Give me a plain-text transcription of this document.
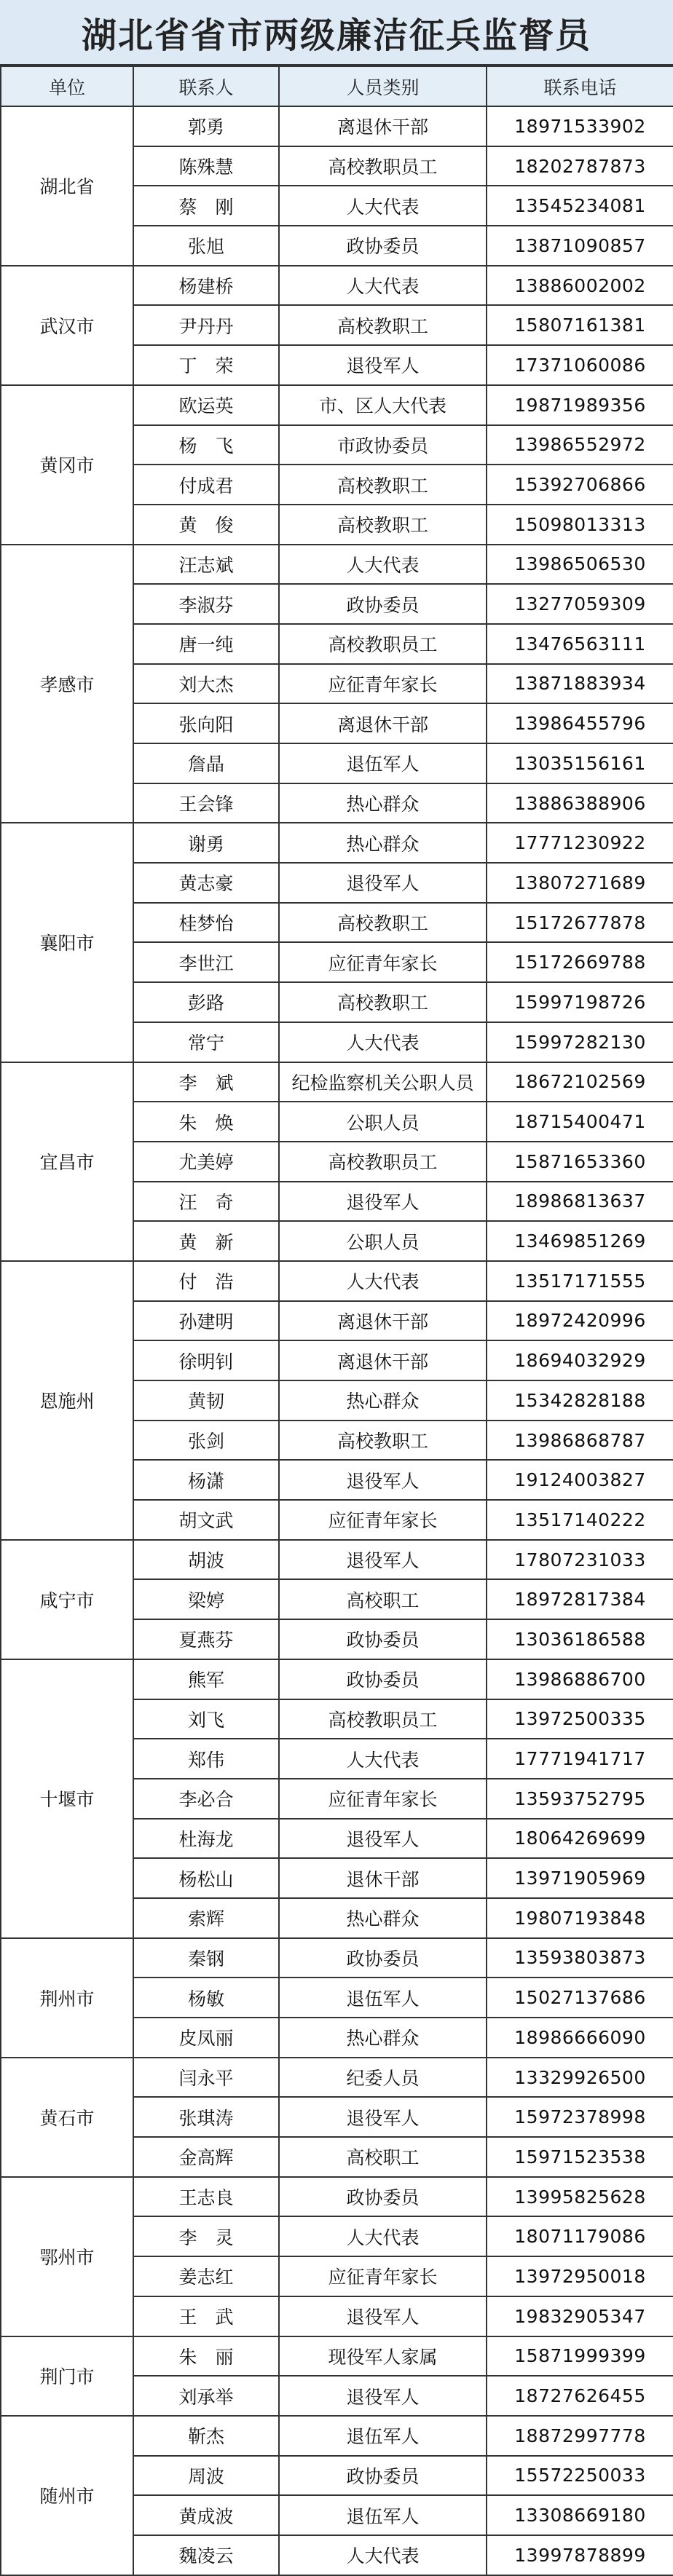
湖北省省市两级廉洁征兵监督员
单位	联系人	人员类别	联系电话
湖北省	郭勇	离退休干部	18971533902
	陈殊慧	高校教职员工	18202787873
	蔡　刚	人大代表	13545234081
	张旭	政协委员	13871090857
武汉市	杨建桥	人大代表	13886002002
	尹丹丹	高校教职工	15807161381
	丁　荣	退役军人	17371060086
黄冈市	欧运英	市、区人大代表	19871989356
	杨　飞	市政协委员	13986552972
	付成君	高校教职工	15392706866
	黄　俊	高校教职工	15098013313
孝感市	汪志斌	人大代表	13986506530
	李淑芬	政协委员	13277059309
	唐一纯	高校教职员工	13476563111
	刘大杰	应征青年家长	13871883934
	张向阳	离退休干部	13986455796
	詹晶	退伍军人	13035156161
	王会锋	热心群众	13886388906
襄阳市	谢勇	热心群众	17771230922
	黄志豪	退役军人	13807271689
	桂梦怡	高校教职工	15172677878
	李世江	应征青年家长	15172669788
	彭路	高校教职工	15997198726
	常宁	人大代表	15997282130
宜昌市	李　斌	纪检监察机关公职人员	18672102569
	朱　焕	公职人员	18715400471
	尤美婷	高校教职员工	15871653360
	汪　奇	退役军人	18986813637
	黄　新	公职人员	13469851269
恩施州	付　浩	人大代表	13517171555
	孙建明	离退休干部	18972420996
	徐明钊	离退休干部	18694032929
	黄韧	热心群众	15342828188
	张剑	高校教职工	13986868787
	杨潇	退役军人	19124003827
	胡文武	应征青年家长	13517140222
咸宁市	胡波	退役军人	17807231033
	梁婷	高校职工	18972817384
	夏燕芬	政协委员	13036186588
十堰市	熊军	政协委员	13986886700
	刘飞	高校教职员工	13972500335
	郑伟	人大代表	17771941717
	李必合	应征青年家长	13593752795
	杜海龙	退役军人	18064269699
	杨松山	退休干部	13971905969
	索辉	热心群众	19807193848
荆州市	秦钢	政协委员	13593803873
	杨敏	退伍军人	15027137686
	皮凤丽	热心群众	18986666090
黄石市	闫永平	纪委人员	13329926500
	张琪涛	退役军人	15972378998
	金高辉	高校职工	15971523538
鄂州市	王志良	政协委员	13995825628
	李　灵	人大代表	18071179086
	姜志红	应征青年家长	13972950018
	王　武	退役军人	19832905347
荆门市	朱　丽	现役军人家属	15871999399
	刘承举	退役军人	18727626455
随州市	靳杰	退伍军人	18872997778
	周波	政协委员	15572250033
	黄成波	退伍军人	13308669180
	魏凌云	人大代表	13997878899
